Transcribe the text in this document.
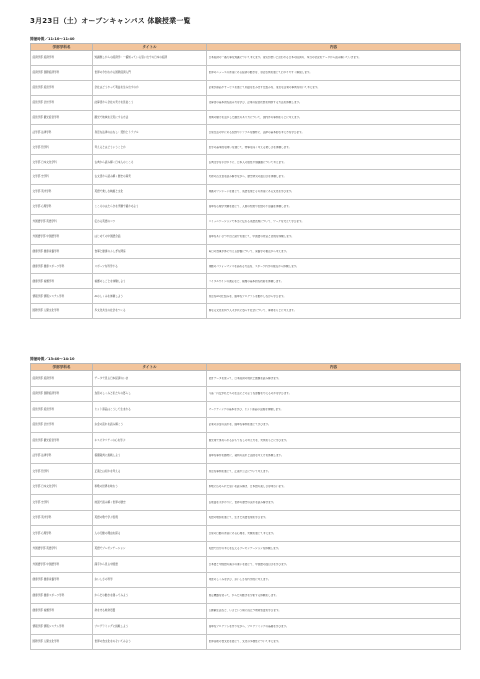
3月23日（土）オープンキャンパス 体験授業一覧
開催時間／11:10〜11:40
学部学科名	タイトル	内容
経済学部 経済学科	知識無しからの経済学：一番知っている思い出での日本の経済	日本経済の一番大事な知識について考えます。景気が悪いと言われる日本の経済の、本当の状況をデータから読み解いていきます。

経済学部 国際経済学科	世界の今がわかる国際経済入門	世界のニュースの背景にある経済の動きを、身近な例を通じてわかりやすく解説します。

経営学部 経営学科	会社はどうやって利益を生み出すのか	企業が商品やサービスを通じて利益を生み出す仕組みを、身近な企業の事例を用いて考えます。

経営学部 会計学科	決算書から会社の実力を見抜こう	決算書の基本的な読み方を学び、企業の経営状態を判断する方法を体験します。

経営学部 観光経営学科	観光で地域を元気にする方法	地域の魅力を活かした観光のあり方について、国内外の事例をもとに考えます。

法学部 法律学科	身近な法律のはなし：契約とトラブル	日常生活の中にある契約やトラブルを題材に、法律の基本的な考え方を学びます。

文学部 哲学科	考えるとはどういうことか	哲学の基本的な問いを通じて、物事を深く考える楽しさを体験します。

文学部 日本文化学科	古典から読み解く日本人のこころ	古典文学を手がかりに、日本人の感性や価値観について考えます。

文学部 史学科	古文書から読み解く歴史の真実	実際の古文書を読み解きながら、歴史研究の面白さを体験します。

文学部 英米学科	英語で楽しむ映画と文化	映画のワンシーンを通じて、英語表現とその背景にある文化を学びます。

文学部 心理学科	こころのはたらきを実験で確かめよう	簡単な心理学実験を通じて、人間の知覚や記憶の不思議を体験します。

外国語学部 英語学科	伝わる英語のコツ	コミュニケーションで本当に伝わる英語表現について、ワークを交えて学びます。

外国語学部 中国語学科	はじめての中国語会話	簡単なあいさつや自己紹介を通じて、中国語の発音と表現を体験します。

健康学部 健康栄養学科	食事と健康のふしぎな関係	毎日の食事が体に与える影響について、栄養学の視点から考えます。

健康学部 健康スポーツ学科	スポーツを科学する	運動のパフォーマンスを高める方法を、スポーツ科学の視点から体験します。

健康学部 看護学科	看護のしごとを体験しよう	バイタルサインの測定など、看護の基本的な技術を体験します。

情報学部 情報システム学科	AIのしくみを体験しよう	身近なAIの仕組みを、簡単なプログラムを動かしながら学びます。

国際学部 人間文化学科	多文化共生の社会をつくる	異なる文化を持つ人々が共に暮らす社会について、事例をもとに考えます。
開催時間／13:40〜14:10
学部学科名	タイトル	内容
経済学部 経済学科	データで見る日本経済のいま	統計データを使って、日本経済の現状と課題を読み解きます。

経済学部 国際経済学科	為替のしくみと私たちの暮らし	円高・円安が私たちの生活にどのような影響を与えるのかを学びます。

経営学部 経営学科	ヒット商品はこうして生まれる	マーケティングの基本を学び、ヒット商品の企画を体験します。

経営学部 会計学科	お金の流れを読み解こう	企業のお金の流れを、簡単な事例を通じて学びます。

経営学部 観光経営学科	ホスピタリティの心を学ぶ	観光業で求められるおもてなしの考え方を、実例をもとに学びます。

法学部 法律学科	模擬裁判に挑戦しよう	簡単な事件を題材に、裁判の流れと法的な考え方を体験します。

文学部 哲学科	正義とは何かを考える	身近な事例を通じて、正義や公正について考えます。

文学部 日本文化学科	和歌の世界を味わう	和歌に込められた思いを読み解き、日本語の美しさを味わいます。

文学部 史学科	地図で読み解く世界の歴史	古地図を手がかりに、世界の歴史の流れを読み解きます。

文学部 英米学科	英語の歌で学ぶ表現	英語の歌詞を通じて、生きた英語表現を学びます。

文学部 心理学科	人の行動の理由を探る	日常の行動の背景にある心理を、実験を通じて考えます。

外国語学部 英語学科	英語でプレゼンテーション	英語で自分の考えを伝えるプレゼンテーションを体験します。

外国語学部 中国語学科	漢字から見る中国語	日本語と中国語の漢字の違いを通じて、中国語の面白さを学びます。

健康学部 健康栄養学科	おいしさの科学	味覚のしくみを学び、おいしさを科学的に考えます。

健康学部 健康スポーツ学科	からだの動きを測ってみよう	測定機器を使って、からだの動きを分析する体験をします。

健康学部 看護学科	命を守る救命処置	心肺蘇生法など、いざという時に役立つ救命処置を学びます。

情報学部 情報システム学科	プログラミングに挑戦しよう	簡単なプログラムを作りながら、プログラミングの基礎を学びます。

国際学部 人間文化学科	世界の食文化をのぞいてみよう	世界各地の食文化を通じて、文化の多様性について考えます。
